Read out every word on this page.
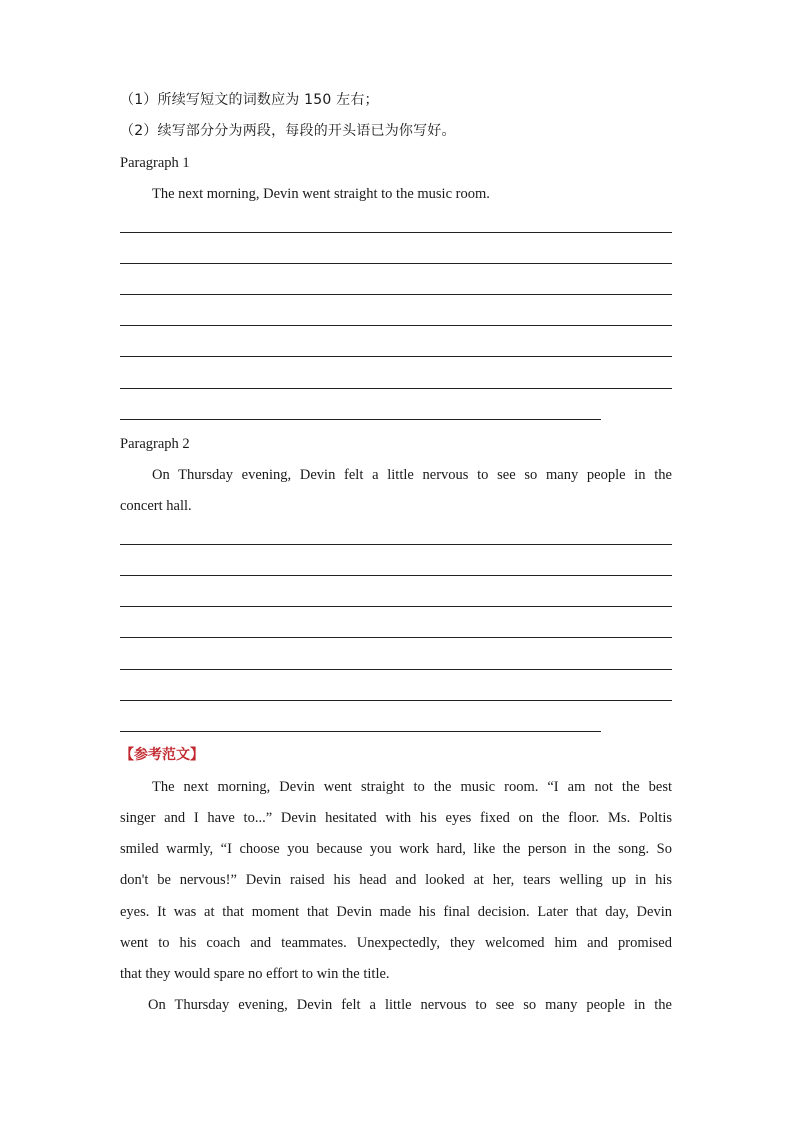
（1）所续写短文的词数应为 150 左右；
（2）续写部分分为两段，每段的开头语已为你写好。
Paragraph 1
The next morning, Devin went straight to the music room.
Paragraph 2
On Thursday evening, Devin felt a little nervous to see so many people in the
concert hall.
【参考范文】
The next morning, Devin went straight to the music room. “I am not the best
singer and I have to...” Devin hesitated with his eyes fixed on the floor. Ms. Poltis
smiled warmly, “I choose you because you work hard, like the person in the song. So
don't be nervous!” Devin raised his head and looked at her, tears welling up in his
eyes. It was at that moment that Devin made his final decision. Later that day, Devin
went to his coach and teammates. Unexpectedly, they welcomed him and promised
that they would spare no effort to win the title.
On Thursday evening, Devin felt a little nervous to see so many people in the
